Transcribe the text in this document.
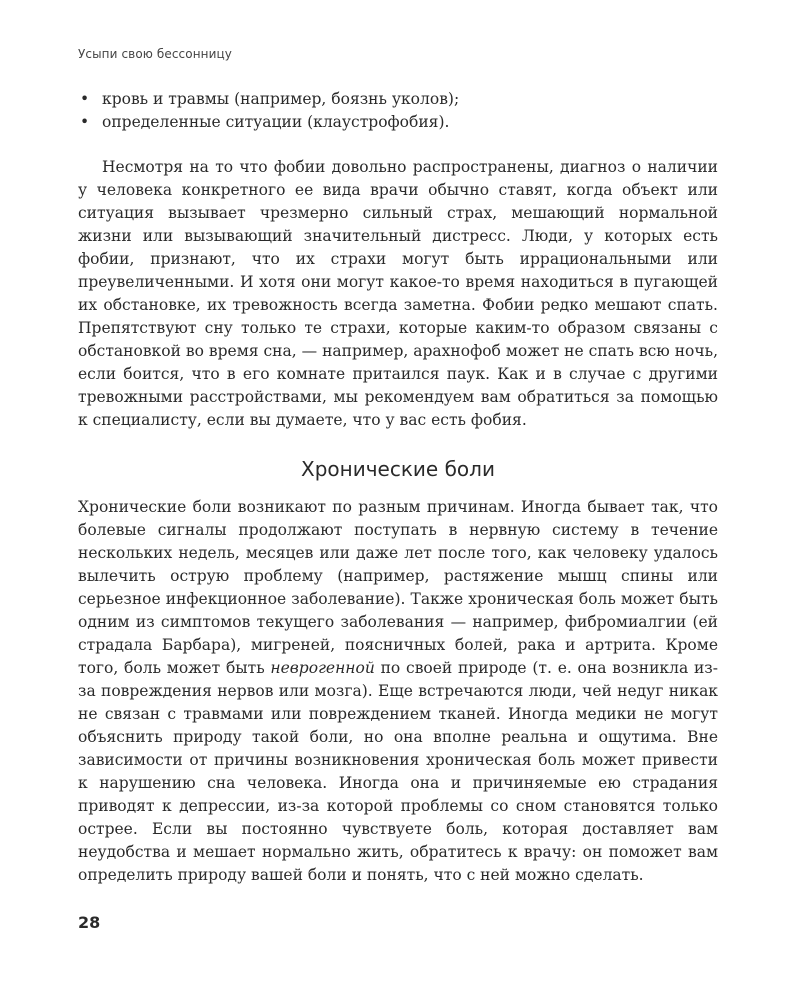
Усыпи свою бессонницу
• кровь и травмы (например, боязнь уколов);
• определенные ситуации (клаустрофобия).

Несмотря на то что фобии довольно распространены, диагноз о наличии у человека конкретного ее вида врачи обычно ставят, когда объект или ситуация вызывает чрезмерно сильный страх, мешающий нормальной жизни или вызывающий значительный дистресс. Люди, у которых есть фобии, признают, что их страхи могут быть иррациональными или преувеличенными. И хотя они могут какое-то время находиться в пугающей их обстановке, их тревожность всегда заметна. Фобии редко мешают спать. Препятствуют сну только те страхи, которые каким-то образом связаны с обстановкой во время сна, — например, арахнофоб может не спать всю ночь, если боится, что в его комнате притаился паук. Как и в случае с другими тревожными расстройствами, мы рекомендуем вам обратиться за помощью к специалисту, если вы думаете, что у вас есть фобия.

Хронические боли

Хронические боли возникают по разным причинам. Иногда бывает так, что болевые сигналы продолжают поступать в нервную систему в течение нескольких недель, месяцев или даже лет после того, как человеку удалось вылечить острую проблему (например, растяжение мышц спины или серьезное инфекционное заболевание). Также хроническая боль может быть одним из симптомов текущего заболевания — например, фибромиалгии (ей страдала Барбара), мигреней, поясничных болей, рака и артрита. Кроме того, боль может быть неврогенной по своей природе (т. е. она возникла из-за повреждения нервов или мозга). Еще встречаются люди, чей недуг никак не связан с травмами или повреждением тканей. Иногда медики не могут объяснить природу такой боли, но она вполне реальна и ощутима. Вне зависимости от причины возникновения хроническая боль может привести к нарушению сна человека. Иногда она и причиняемые ею страдания приводят к депрессии, из-за которой проблемы со сном становятся только острее. Если вы постоянно чувствуете боль, которая доставляет вам неудобства и мешает нормально жить, обратитесь к врачу: он поможет вам определить природу вашей боли и понять, что с ней можно сделать.

28
